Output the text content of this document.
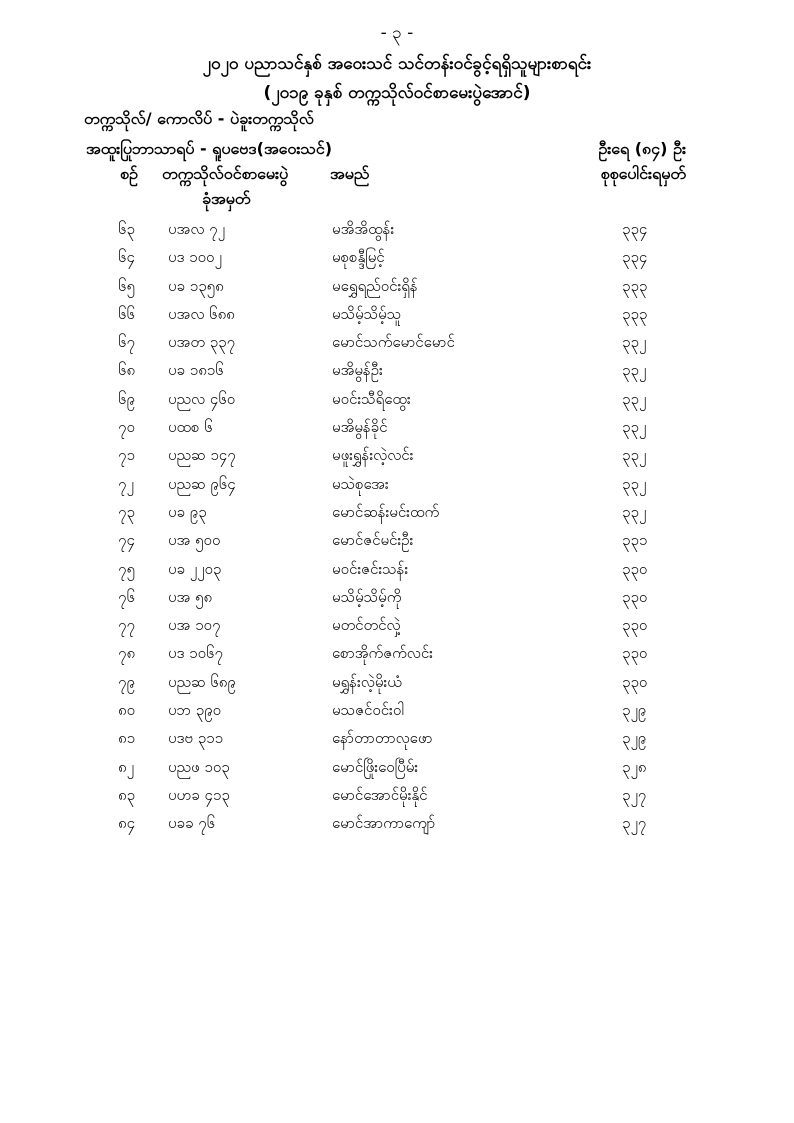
- ၃ -
၂၀၂၀ ပညာသင်နှစ် အဝေးသင် သင်တန်းဝင်ခွင့်ရရှိသူများစာရင်း
(၂၀၁၉ ခုနှစ် တက္ကသိုလ်ဝင်စာမေးပွဲအောင်)
တက္ကသိုလ်/ ကောလိပ် - ပဲခူးတက္ကသိုလ်
အထူးပြုဘာသာရပ် - ရူပဗေဒ(အဝေးသင်)	ဦးရေ (၈၄) ဦး
စဉ် တက္ကသိုလ်ဝင်စာမေးပွဲ
ခုံအမှတ်
အမည်	စုစုပေါင်းရမှတ်
၆၃ ပအလ ၇၂	မအိအိထွန်း	၃၃၄
၆၄ ပဒ ၁၀၀၂	မစုစန္ဒီမြင့်	၃၃၄
၆၅ ပခ ၁၃၅၈	မရွှေရည်ဝင်းရှိန်	၃၃၃
၆၆ ပအလ ၆၈၈	မသိမ့်သိမ့်သူ	၃၃၃
၆၇ ပအတ ၃၃၇	မောင်သက်မောင်မောင်	၃၃၂
၆၈ ပခ ၁၈၁၆	မအိမွန်ဦး	၃၃၂
၆၉ ပညလ ၄၆၀	မဝင်းသီရိထွေး	၃၃၂
၇၀ ပထစ ၆	မအိမွန်ခိုင်	၃၃၂
၇၁ ပညဆ ၁၄၇	မဖူးရွှန်းလဲ့လင်း	၃၃၂
၇၂ ပညဆ ၉၆၄	မသဲစုအေး	၃၃၂
၇၃ ပခ ၉၃	မောင်ဆန်းမင်းထက်	၃၃၂
၇၄ ပအ ၅၀၀	မောင်ဇင်မင်းဦး	၃၃၁
၇၅ ပခ ၂၂၀၃	မဝင်းဇင်းသန်း	၃၃၀
၇၆ ပအ ၅၈	မသိမ့်သိမ့်ကို	၃၃၀
၇၇ ပအ ၁၀၇	မတင်တင်လှဲ့	၃၃၀
၇၈ ပဒ ၁၀၆၇	စောအိုက်ဇက်လင်း	၃၃၀
၇၉ ပညဆ ၆၈၉	မရွှန်းလဲ့မိုးယံ	၃၃၀
၈၀ ပဘ ၃၉၀	မသဇင်ဝင်းဝါ	၃၂၉
၈၁ ပဒဗ ၃၁၁	နော်တာတာလုဖော	၃၂၉
၈၂ ပညဖ ၁၀၃	မောင်ဖြိုးဝေပြီမ်း	၃၂၈
၈၃ ပဟခ ၄၁၃	မောင်အောင်မိုးနိုင်	၃၂၇
၈၄ ပခခ ၇၆	မောင်အာကာကျော်	၃၂၇
